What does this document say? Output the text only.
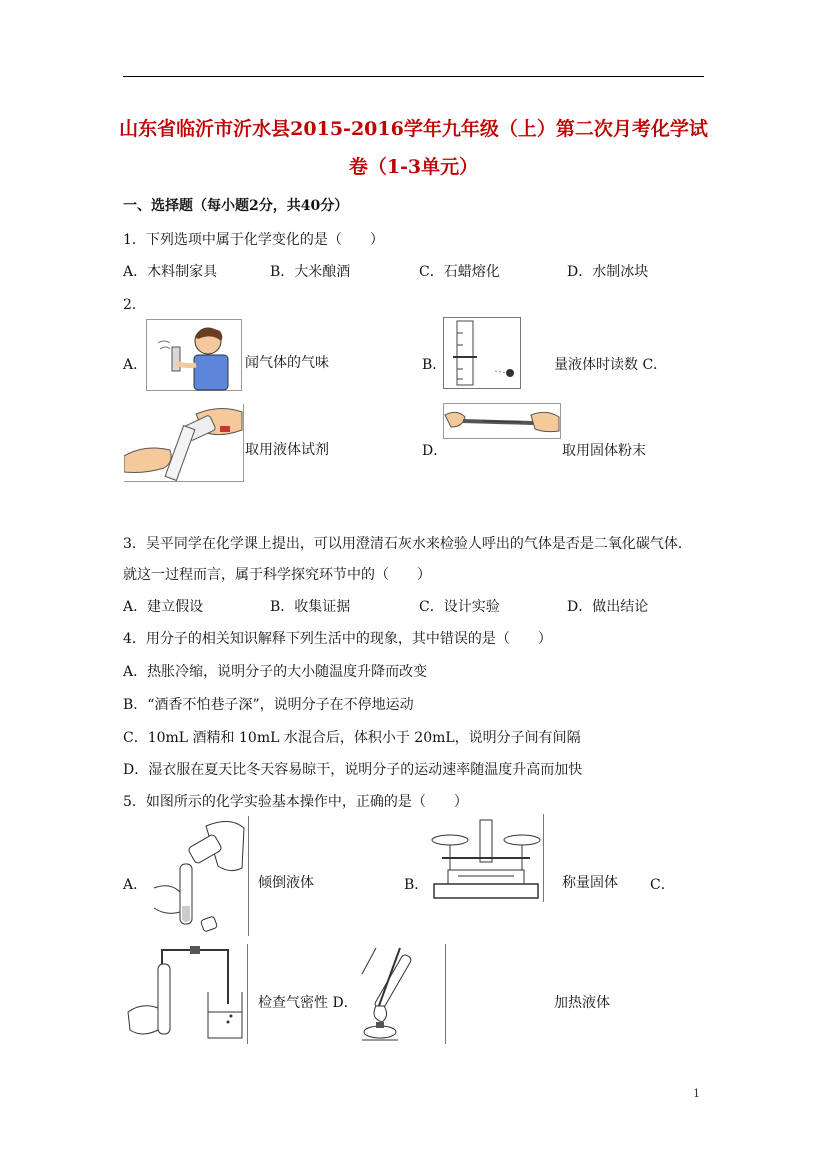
山东省临沂市沂水县2015-2016学年九年级（上）第二次月考化学试
卷（1-3单元）
一、选择题（每小题2分，共40分）
1．下列选项中属于化学变化的是（　　）
A．木料制家具	B．大米酿酒	C．石蜡熔化	D．水制冰块
2．
A．	闻气体的气味	B．	量液体时读数 C．
取用液体试剂	D．	取用固体粉末
3．吴平同学在化学课上提出，可以用澄清石灰水来检验人呼出的气体是否是二氧化碳气体．
就这一过程而言，属于科学探究环节中的（　　）
A．建立假设	B．收集证据	C．设计实验	D．做出结论
4．用分子的相关知识解释下列生活中的现象，其中错误的是（　　）
A．热胀冷缩，说明分子的大小随温度升降而改变
B．“酒香不怕巷子深”，说明分子在不停地运动
C．10mL 酒精和 10mL 水混合后，体积小于 20mL，说明分子间有间隔
D．湿衣服在夏天比冬天容易晾干，说明分子的运动速率随温度升高而加快
5．如图所示的化学实验基本操作中，正确的是（　　）
A．	倾倒液体	B．	称量固体 C．
检查气密性 D．	加热液体
1
